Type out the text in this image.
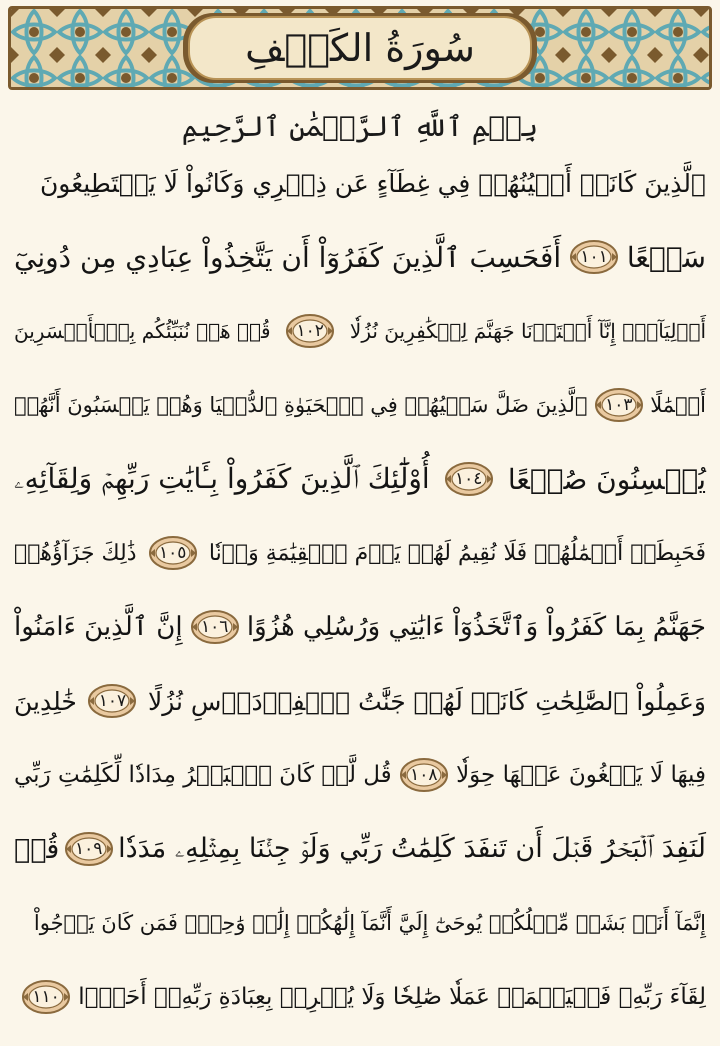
سُورَةُ الكَهۡفِ
بِسۡمِ ٱللَّهِ ٱلرَّحۡمَٰنِ ٱلرَّحِيمِ
ٱلَّذِينَ كَانَتۡ أَعۡيُنُهُمۡ فِي غِطَآءٍ عَن ذِكۡرِي وَكَانُواْ لَا يَسۡتَطِيعُونَ
سَمۡعًا
١٠١
أَفَحَسِبَ ٱلَّذِينَ كَفَرُوٓاْ أَن يَتَّخِذُواْ عِبَادِي مِن دُونِيٓ
أَوۡلِيَآءَۚ إِنَّآ أَعۡتَدۡنَا جَهَنَّمَ لِلۡكَٰفِرِينَ نُزُلٗا
١٠٢
قُلۡ هَلۡ نُنَبِّئُكُم بِٱلۡأَخۡسَرِينَ
أَعۡمَٰلًا
١٠٣
ٱلَّذِينَ ضَلَّ سَعۡيُهُمۡ فِي ٱلۡحَيَوٰةِ ٱلدُّنۡيَا وَهُمۡ يَحۡسَبُونَ أَنَّهُمۡ
يُحۡسِنُونَ صُنۡعًا
١٠٤
أُوْلَٰٓئِكَ ٱلَّذِينَ كَفَرُواْ بِـَٔايَٰتِ رَبِّهِمۡ وَلِقَآئِهِۦ
فَحَبِطَتۡ أَعۡمَٰلُهُمۡ فَلَا نُقِيمُ لَهُمۡ يَوۡمَ ٱلۡقِيَٰمَةِ وَزۡنٗا
١٠٥
ذَٰلِكَ جَزَآؤُهُمۡ
جَهَنَّمُ بِمَا كَفَرُواْ وَٱتَّخَذُوٓاْ ءَايَٰتِي وَرُسُلِي هُزُوًا
١٠٦
إِنَّ ٱلَّذِينَ ءَامَنُواْ
وَعَمِلُواْ ٱلصَّٰلِحَٰتِ كَانَتۡ لَهُمۡ جَنَّٰتُ ٱلۡفِرۡدَوۡسِ نُزُلًا
١٠٧
خَٰلِدِينَ
فِيهَا لَا يَبۡغُونَ عَنۡهَا حِوَلٗا
١٠٨
قُل لَّوۡ كَانَ ٱلۡبَحۡرُ مِدَادٗا لِّكَلِمَٰتِ رَبِّي
لَنَفِدَ ٱلۡبَحۡرُ قَبۡلَ أَن تَنفَدَ كَلِمَٰتُ رَبِّي وَلَوۡ جِئۡنَا بِمِثۡلِهِۦ مَدَدٗا
١٠٩
قُلۡ
إِنَّمَآ أَنَا۠ بَشَرٞ مِّثۡلُكُمۡ يُوحَىٰٓ إِلَيَّ أَنَّمَآ إِلَٰهُكُمۡ إِلَٰهٞ وَٰحِدٞۖ فَمَن كَانَ يَرۡجُواْ
لِقَآءَ رَبِّهِۦ فَلۡيَعۡمَلۡ عَمَلٗا صَٰلِحٗا وَلَا يُشۡرِكۡ بِعِبَادَةِ رَبِّهِۦٓ أَحَدَۢا
١١٠
